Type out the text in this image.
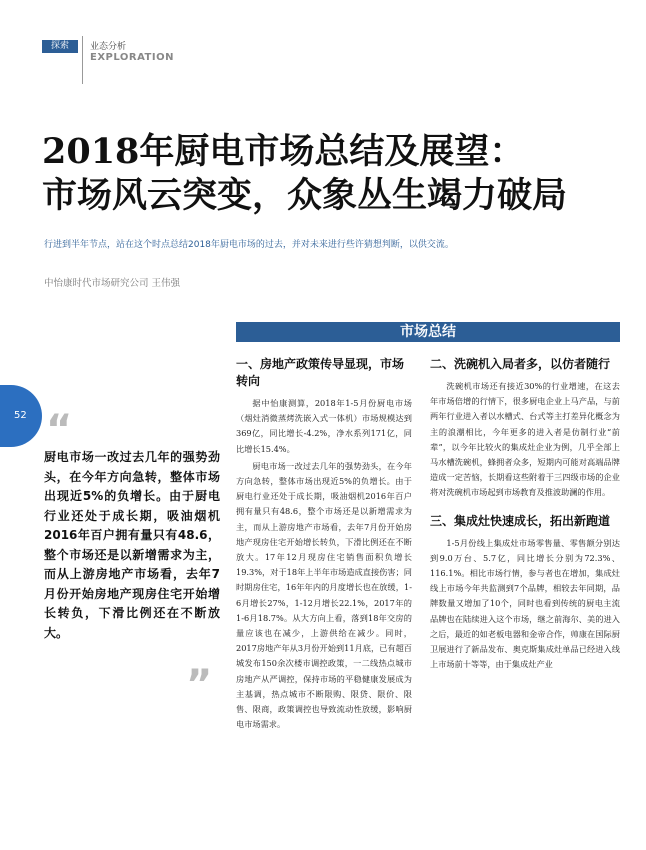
探索	业态分析
EXPLORATION
2018年厨电市场总结及展望：
市场风云突变，众象丛生竭力破局
行进到半年节点，站在这个时点总结2018年厨电市场的过去，并对未来进行些许猜想判断，以供交流。
中怡康时代市场研究公司 王伟强
市场总结
52 “
厨电市场一改过去几年的强势劲头，在今年方向急转，整体市场出现近5%的负增长。由于厨电行业还处于成长期，吸油烟机2016年百户拥有量只有48.6，整个市场还是以新增需求为主，而从上游房地产市场看，去年7月份开始房地产现房住宅开始增长转负，下滑比例还在不断放大。
”
一、房地产政策传导显现，市场转向

据中怡康测算，2018年1-5月份厨电市场（烟灶消微蒸烤洗嵌入式一体机）市场规模达到369亿，同比增长-4.2%，净水系列171亿，同比增长15.4%。

厨电市场一改过去几年的强势劲头，在今年方向急转，整体市场出现近5%的负增长。由于厨电行业还处于成长期，吸油烟机2016年百户拥有量只有48.6，整个市场还是以新增需求为主，而从上游房地产市场看，去年7月份开始房地产现房住宅开始增长转负，下滑比例还在不断放大。17年12月现房住宅销售面积负增长19.3%，对于18年上半年市场造成直接伤害；同时期房住宅，16年年内的月度增长也在放缓，1-6月增长27%，1-12月增长22.1%，2017年的1-6月18.7%。从大方向上看，落到18年交房的量应该也在减少，上游供给在减少。同时，2017房地产年从3月份开始到11月底，已有超百城发布150余次楼市调控政策，一二线热点城市房地产从严调控，保持市场的平稳健康发展成为主基调，热点城市不断限购、限贷、限价、限售、限商，政策调控也导致流动性放缓，影响厨电市场需求。

二、洗碗机入局者多，以仿者随行

洗碗机市场还有接近30%的行业增速，在这去年市场倍增的行情下，很多厨电企业上马产品，与前两年行业进入者以水槽式、台式等主打差异化概念为主的浪潮相比，今年更多的进入者是仿制行业“前辈”，以今年比较火的集成灶企业为例，几乎全部上马水槽洗碗机，蜂拥者众多，短期内可能对高端品牌造成一定苦恼，长期看这些附着于三四级市场的企业将对洗碗机市场起到市场教育及推波助澜的作用。

三、集成灶快速成长，拓出新跑道

1-5月份线上集成灶市场零售量、零售额分别达到9.0万台、5.7亿，同比增长分别为72.3%、116.1%。相比市场行情，参与者也在增加，集成灶线上市场今年共监测到7个品牌，相较去年同期，品牌数量又增加了10个，同时也看到传统的厨电主流品牌也在陆续进入这个市场，继之前海尔、美的进入之后，最近的如老板电器和金帝合作，帅康在国际厨卫展进行了新品发布、奥克斯集成灶单品已经进入线上市场前十等等，由于集成灶产业
